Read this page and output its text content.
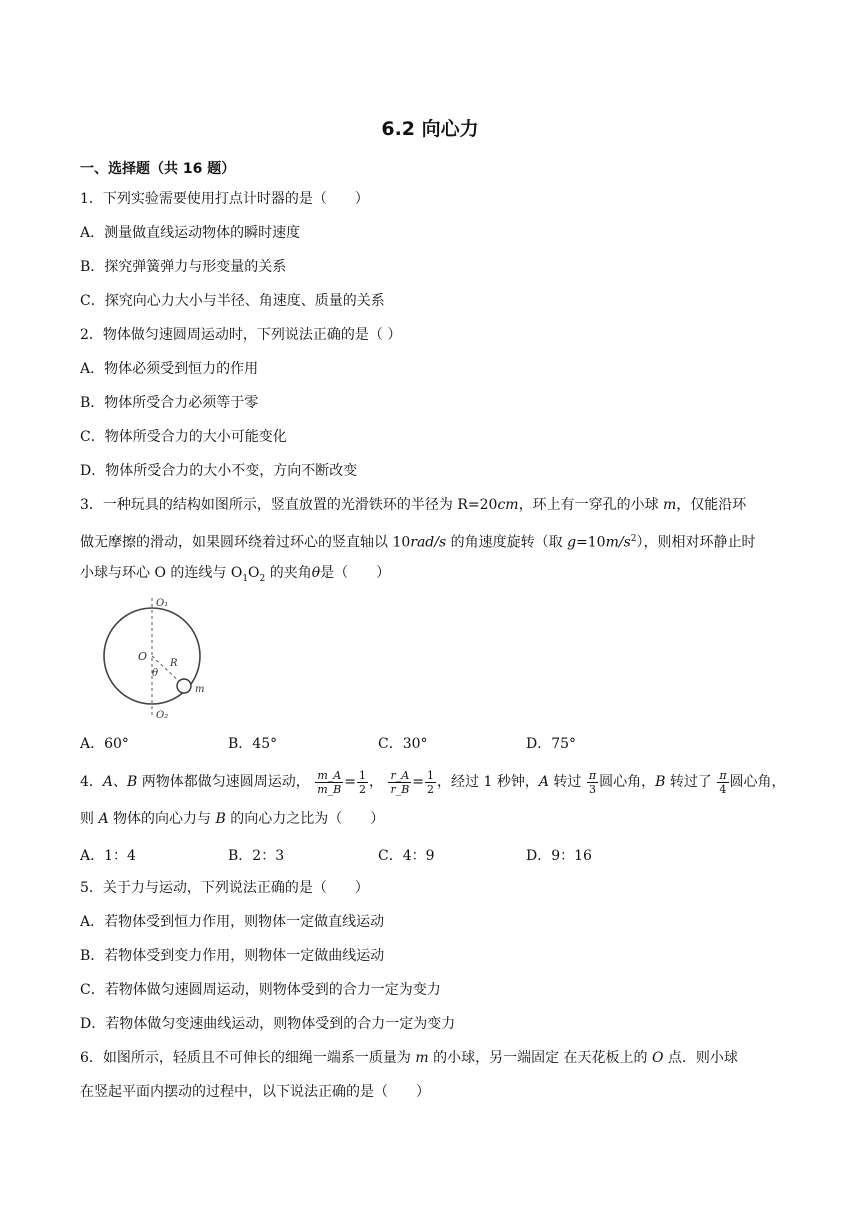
6.2 向心力
一、选择题（共 16 题）
1．下列实验需要使用打点计时器的是（　　）
A．测量做直线运动物体的瞬时速度
B．探究弹簧弹力与形变量的关系
C．探究向心力大小与半径、角速度、质量的关系
2．物体做匀速圆周运动时，下列说法正确的是（ ）
A．物体必须受到恒力的作用
B．物体所受合力必须等于零
C．物体所受合力的大小可能变化
D．物体所受合力的大小不变，方向不断改变
3．一种玩具的结构如图所示，竖直放置的光滑铁环的半径为 R=20cm，环上有一穿孔的小球 m，仅能沿环
做无摩擦的滑动，如果圆环绕着过环心的竖直轴以 10rad/s 的角速度旋转（取 $g=10m/s^2$），则相对环静止时
小球与环心 O 的连线与 $O_1O_2$ 的夹角θ是（　　）
O₁
O
R
θ
m
O₂
A．60°	B．45°	C．30°	D．75°
4．A、B 两物体都做匀速圆周运动， $\frac{m\_A}{m\_B} = \frac{1}{2}$ ， $\frac{r\_A}{r\_B} = \frac{1}{2}$ ，经过 1 秒钟，A 转过 $\frac{\pi}{3}$ 圆心角，B 转过了 $\frac{\pi}{4}$ 圆心角，
则 A 物体的向心力与 B 的向心力之比为（　　）
A．1：4	B．2：3	C．4：9	D．9：16
5．关于力与运动，下列说法正确的是（　　）
A．若物体受到恒力作用，则物体一定做直线运动
B．若物体受到变力作用，则物体一定做曲线运动
C．若物体做匀速圆周运动，则物体受到的合力一定为变力
D．若物体做匀变速曲线运动，则物体受到的合力一定为变力
6．如图所示，轻质且不可伸长的细绳一端系一质量为 m 的小球，另一端固定 在天花板上的 O 点．则小球
在竖起平面内摆动的过程中，以下说法正确的是（　　）
